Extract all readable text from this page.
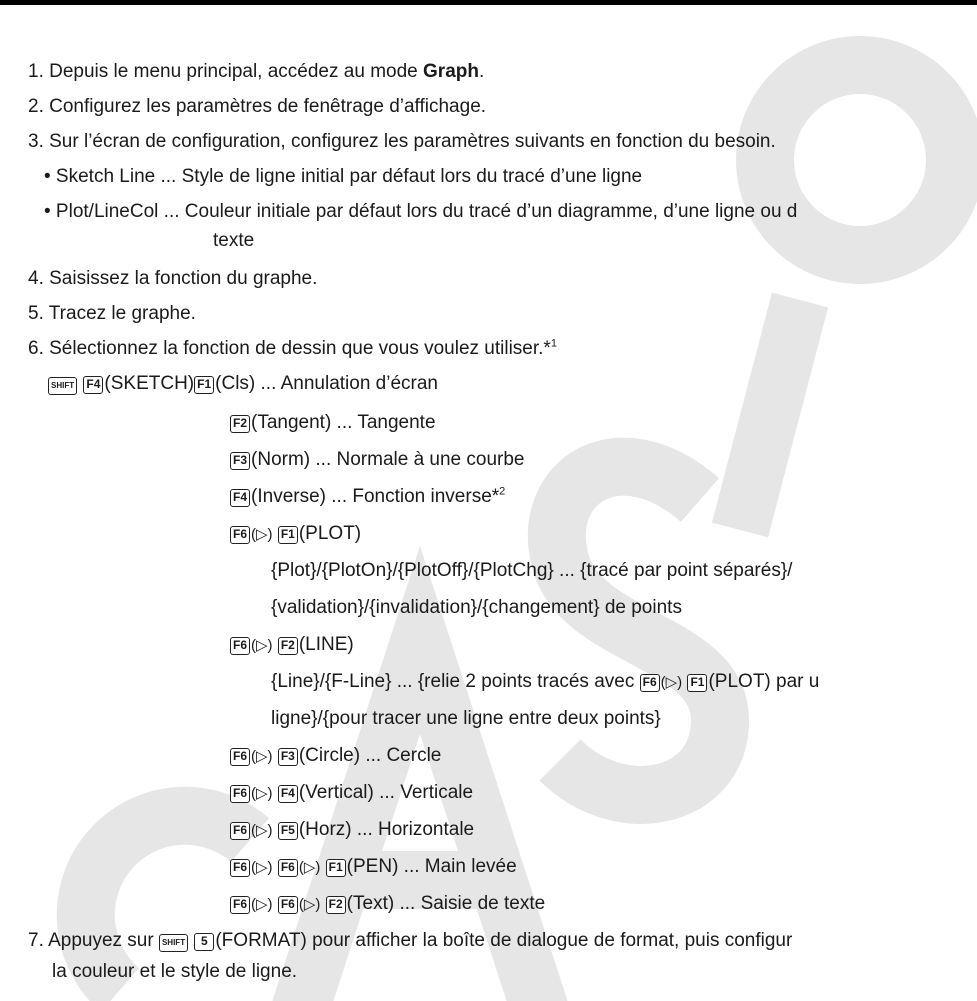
1. Depuis le menu principal, accédez au mode Graph.
2. Configurez les paramètres de fenêtrage d’affichage.
3. Sur l’écran de configuration, configurez les paramètres suivants en fonction du besoin.
• Sketch Line ... Style de ligne initial par défaut lors du tracé d’une ligne
• Plot/LineCol ... Couleur initiale par défaut lors du tracé d’un diagramme, d’une ligne ou d
texte
4. Saisissez la fonction du graphe.
5. Tracez le graphe.
6. Sélectionnez la fonction de dessin que vous voulez utiliser.*$^1$
SHIFT F4 (SKETCH) F1 (Cls) ... Annulation d’écran
F2 (Tangent) ... Tangente
F3 (Norm) ... Normale à une courbe
F4 (Inverse) ... Fonction inverse*$^2$
F6 (▷) F1 (PLOT)
{Plot}/{PlotOn}/{PlotOff}/{PlotChg} ... {tracé par point séparés}/
{validation}/{invalidation}/{changement} de points
F6 (▷) F2 (LINE)
{Line}/{F-Line} ... {relie 2 points tracés avec F6 (▷) F1 (PLOT) par u
ligne}/{pour tracer une ligne entre deux points}
F6 (▷) F3 (Circle) ... Cercle
F6 (▷) F4 (Vertical) ... Verticale
F6 (▷) F5 (Horz) ... Horizontale
F6 (▷) F6 (▷) F1 (PEN) ... Main levée
F6 (▷) F6 (▷) F2 (Text) ... Saisie de texte
7. Appuyez sur SHIFT 5 (FORMAT) pour afficher la boîte de dialogue de format, puis configur
la couleur et le style de ligne.
